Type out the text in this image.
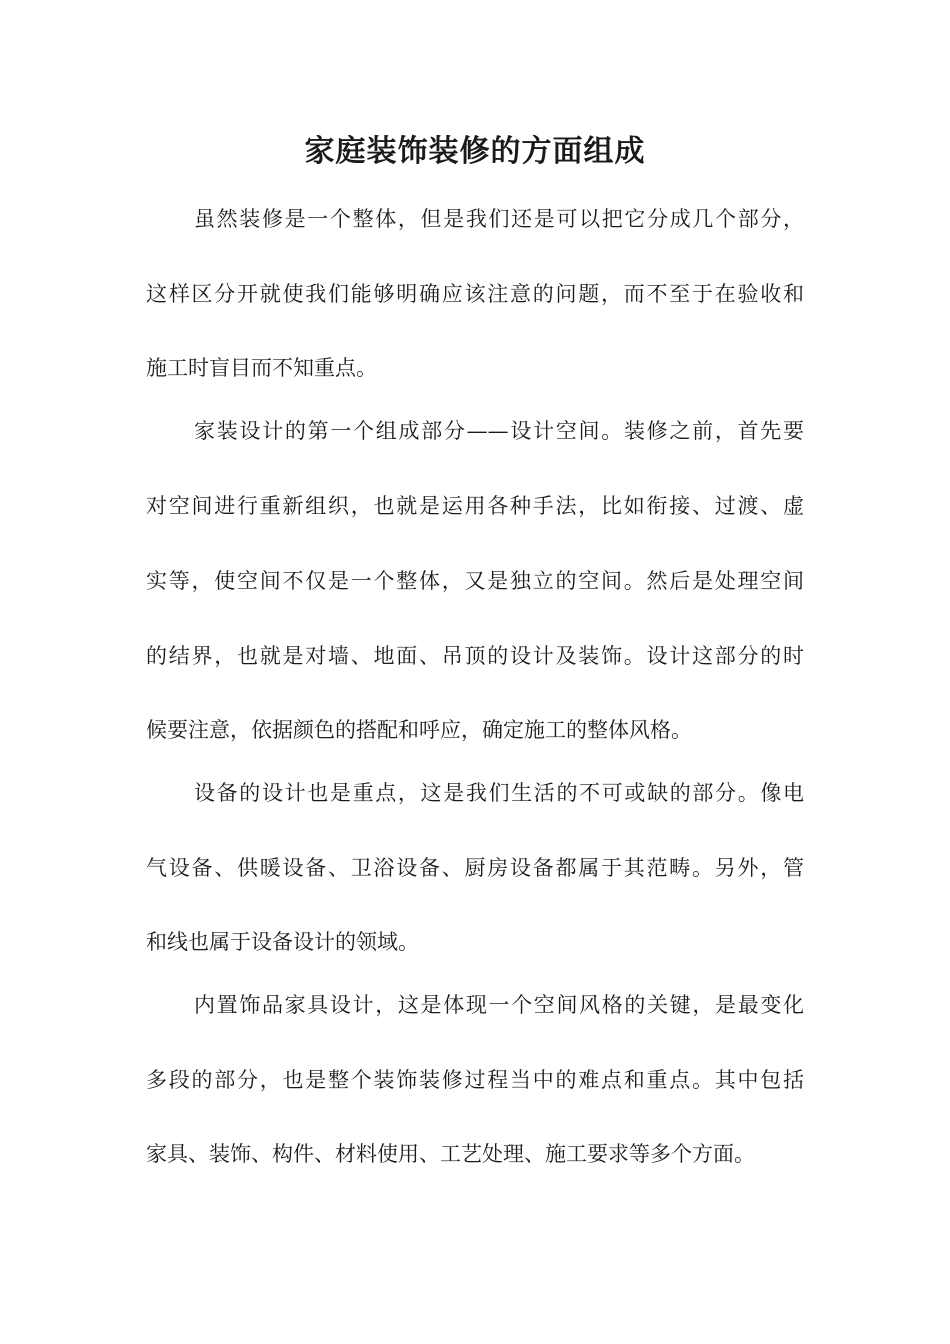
家庭装饰装修的方面组成
虽然装修是一个整体，但是我们还是可以把它分成几个部分，
这样区分开就使我们能够明确应该注意的问题，而不至于在验收和
施工时盲目而不知重点。
家装设计的第一个组成部分——设计空间。装修之前，首先要
对空间进行重新组织，也就是运用各种手法，比如衔接、过渡、虚
实等，使空间不仅是一个整体，又是独立的空间。然后是处理空间
的结界，也就是对墙、地面、吊顶的设计及装饰。设计这部分的时
候要注意，依据颜色的搭配和呼应，确定施工的整体风格。
设备的设计也是重点，这是我们生活的不可或缺的部分。像电
气设备、供暖设备、卫浴设备、厨房设备都属于其范畴。另外，管
和线也属于设备设计的领域。
内置饰品家具设计，这是体现一个空间风格的关键，是最变化
多段的部分，也是整个装饰装修过程当中的难点和重点。其中包括
家具、装饰、构件、材料使用、工艺处理、施工要求等多个方面。
